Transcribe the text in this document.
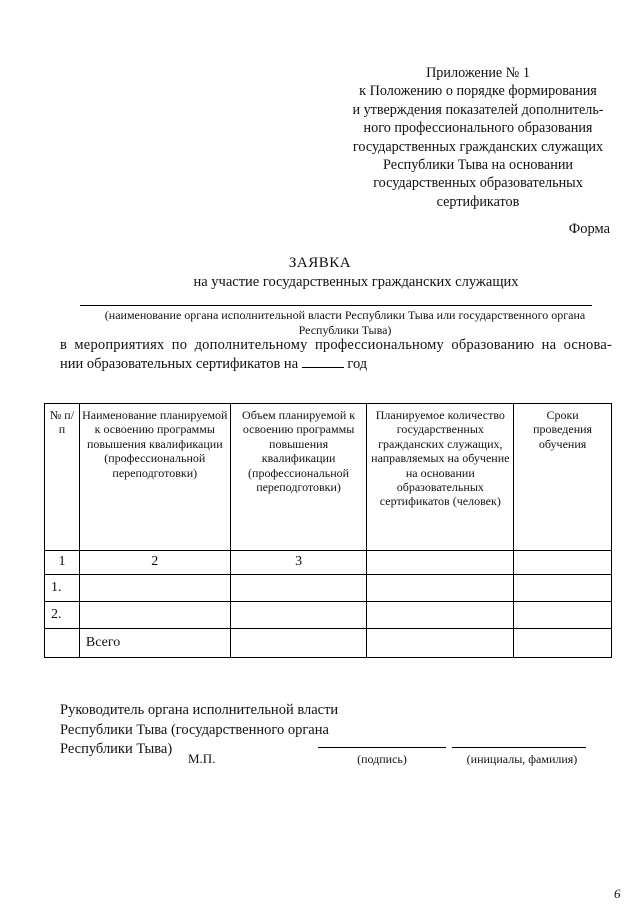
Приложение № 1
к Положению о порядке формирования
и утверждения показателей дополнитель-
ного профессионального образования
государственных гражданских служащих
Республики Тыва на основании
государственных образовательных
сертификатов
Форма
ЗАЯВКА
на участие государственных гражданских служащих
(наименование органа исполнительной власти Республики Тыва или государственного органа
Республики Тыва)
в мероприятиях по дополнительному профессиональному образованию на основа-
нии образовательных сертификатов на	год
№ п/п	Наименование планируемой к освоению программы повышения квалификации (профессиональной переподготовки)	Объем планируемой к освоению программы повышения квалификации (профессиональной переподготовки)	Планируемое количество государственных гражданских служащих, направляемых на обучение на основании образовательных сертификатов (человек)	Сроки проведения обучения
1	2	3		
1.				
2.				
	Всего			
Руководитель органа исполнительной власти
Республики Тыва (государственного органа
Республики Тыва)
М.П.	(подпись)	(инициалы, фамилия)
6
